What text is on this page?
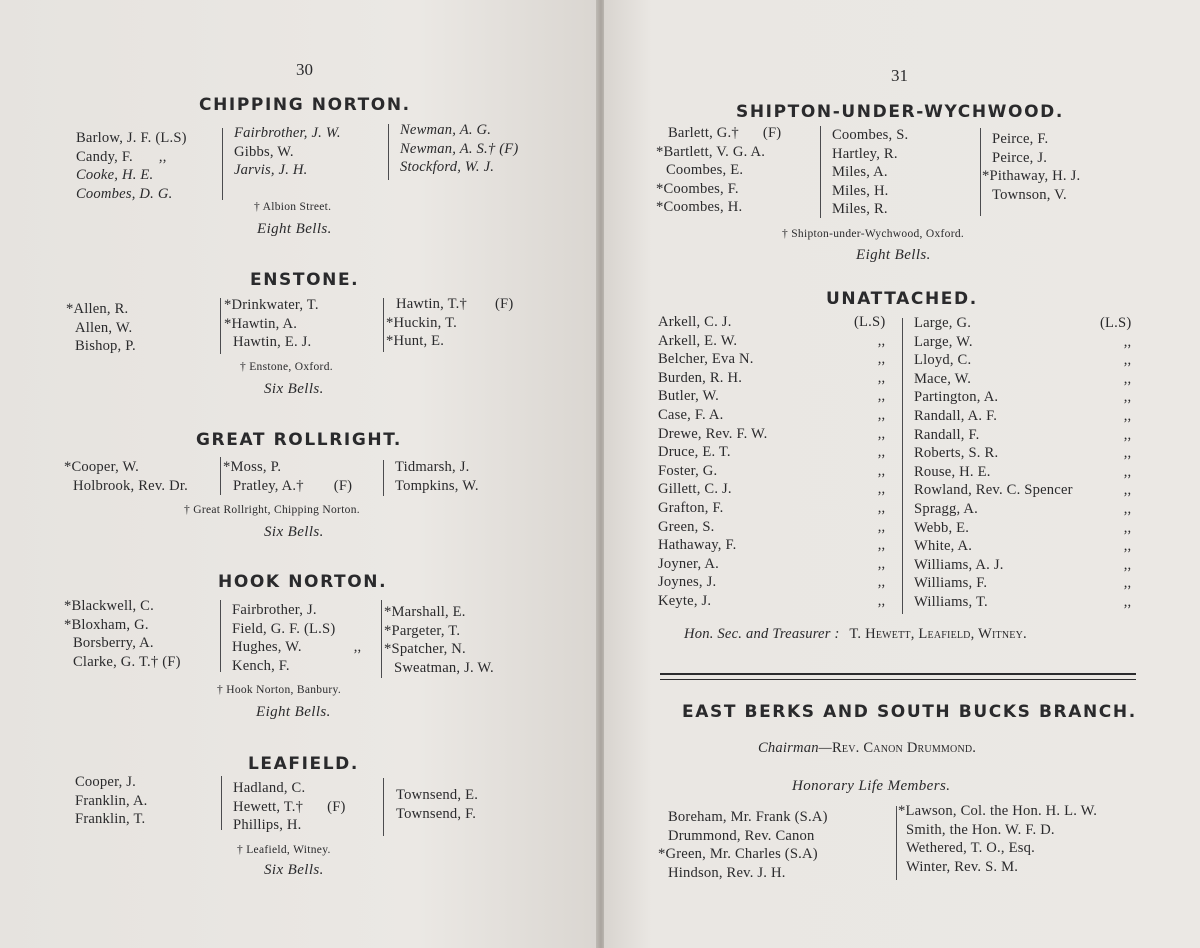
30
CHIPPING NORTON.
Barlow, J. F. (L.S)
Candy, F. ,,
Cooke, H. E.
Coombes, D. G.
Fairbrother, J. W.
Gibbs, W.
Jarvis, J. H.
Newman, A. G.
Newman, A. S.† (F)
Stockford, W. J.
† Albion Street.
Eight Bells.
ENSTONE.
*Allen, R.
Allen, W.
Bishop, P.
*Drinkwater, T.
*Hawtin, A.
Hawtin, E. J.
Hawtin, T.† (F)
*Huckin, T.
*Hunt, E.
† Enstone, Oxford.
Six Bells.
GREAT ROLLRIGHT.
*Cooper, W.
Holbrook, Rev. Dr.
*Moss, P.
Pratley, A.† (F)
Tidmarsh, J.
Tompkins, W.
† Great Rollright, Chipping Norton.
Six Bells.
HOOK NORTON.
*Blackwell, C.
*Bloxham, G.
Borsberry, A.
Clarke, G. T.† (F)
Fairbrother, J.
Field, G. F. (L.S)
Hughes, W.	,,
Kench, F.
*Marshall, E.
*Pargeter, T.
*Spatcher, N.
Sweatman, J. W.
† Hook Norton, Banbury.
Eight Bells.
LEAFIELD.
Cooper, J.
Franklin, A.
Franklin, T.
Hadland, C.
Hewett, T.† (F)
Phillips, H.
Townsend, E.
Townsend, F.
† Leafield, Witney.
Six Bells.
31
SHIPTON-UNDER-WYCHWOOD.
Barlett, G.† (F)
*Bartlett, V. G. A.
Coombes, E.
*Coombes, F.
*Coombes, H.
Coombes, S.
Hartley, R.
Miles, A.
Miles, H.
Miles, R.
Peirce, F.
Peirce, J.
*Pithaway, H. J.
Townson, V.
† Shipton-under-Wychwood, Oxford.
Eight Bells.
UNATTACHED.
Arkell, C. J.
Arkell, E. W.
Belcher, Eva N.
Burden, R. H.
Butler, W.
Case, F. A.
Drewe, Rev. F. W.
Druce, E. T.
Foster, G.
Gillett, C. J.
Grafton, F.
Green, S.
Hathaway, F.
Joyner, A.
Joynes, J.
Keyte, J.
(L.S)
,,
,,
,,
,,
,,
,,
,,
,,
,,
,,
,,
,,
,,
,,
,,
Large, G.
Large, W.
Lloyd, C.
Mace, W.
Partington, A.
Randall, A. F.
Randall, F.
Roberts, S. R.
Rouse, H. E.
Rowland, Rev. C. Spencer
Spragg, A.
Webb, E.
White, A.
Williams, A. J.
Williams, F.
Williams, T.
(L.S)
,,
,,
,,
,,
,,
,,
,,
,,
,,
,,
,,
,,
,,
,,
,,
Hon. Sec. and Treasurer : T. Hewett, Leafield, Witney.
EAST BERKS AND SOUTH BUCKS BRANCH.
Chairman—Rev. Canon Drummond.
Honorary Life Members.
Boreham, Mr. Frank (S.A)
Drummond, Rev. Canon
*Green, Mr. Charles (S.A)
Hindson, Rev. J. H.
*Lawson, Col. the Hon. H. L. W.
Smith, the Hon. W. F. D.
Wethered, T. O., Esq.
Winter, Rev. S. M.
